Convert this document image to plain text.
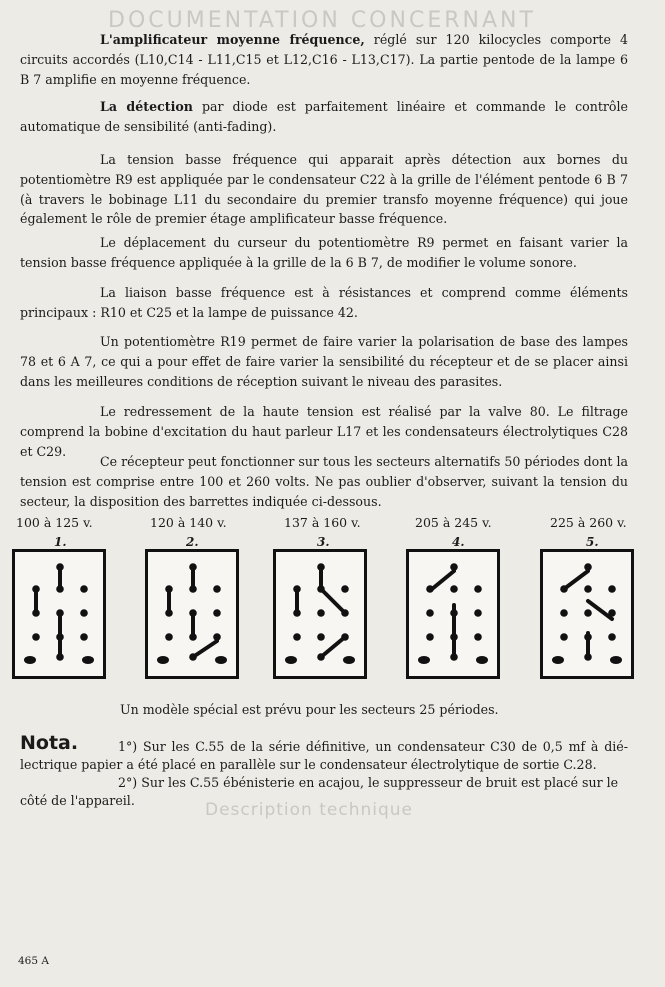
DOCUMENTATION CONCERNANT
Description technique

L'amplificateur moyenne fréquence, réglé sur 120 kilocycles comporte 4 circuits accordés (L10,C14 - L11,C15 et L12,C16 - L13,C17). La partie pentode de la lampe 6 B 7 amplifie en moyenne fréquence.

La détection par diode est parfaitement linéaire et commande le contrôle automatique de sensibilité (anti-fading).

La tension basse fréquence qui apparait après détection aux bornes du potentiomètre R9 est appliquée par le condensateur C22 à la grille de l'élément pentode 6 B 7 (à travers le bobinage L11 du secondaire du premier transfo moyenne fréquence) qui joue également le rôle de premier étage amplificateur basse fréquence.

Le déplacement du curseur du potentiomètre R9 permet en faisant varier la tension basse fréquence appliquée à la grille de la 6 B 7, de modifier le volume sonore.

La liaison basse fréquence est à résistances et comprend comme éléments principaux : R10 et C25 et la lampe de puissance 42.

Un potentiomètre R19 permet de faire varier la polarisation de base des lampes 78 et 6 A 7, ce qui a pour effet de faire varier la sensibilité du récepteur et de se placer ainsi dans les meilleures conditions de réception suivant le niveau des parasites.

Le redressement de la haute tension est réalisé par la valve 80. Le filtrage comprend la bobine d'excitation du haut parleur L17 et les condensateurs électrolytiques C28 et C29.

Ce récepteur peut fonctionner sur tous les secteurs alternatifs 50 périodes dont la tension est comprise entre 100 et 260 volts. Ne pas oublier d'observer, suivant la tension du secteur, la disposition des barrettes indiquée ci-dessous.

100 à 125 v.	120 à 140 v.	137 à 160 v.	205 à 245 v.	225 à 260 v.
1.	2.	3.	4.	5.
Un modèle spécial est prévu pour les secteurs 25 périodes.
Nota.	1°) Sur les C.55 de la série définitive, un condensateur C30 de 0,5 mf à dié-
lectrique papier a été placé en parallèle sur le condensateur électrolytique de sortie C.28.
2°) Sur les C.55 ébénisterie en acajou, le suppresseur de bruit est placé sur le côté de l'appareil.
465 A
